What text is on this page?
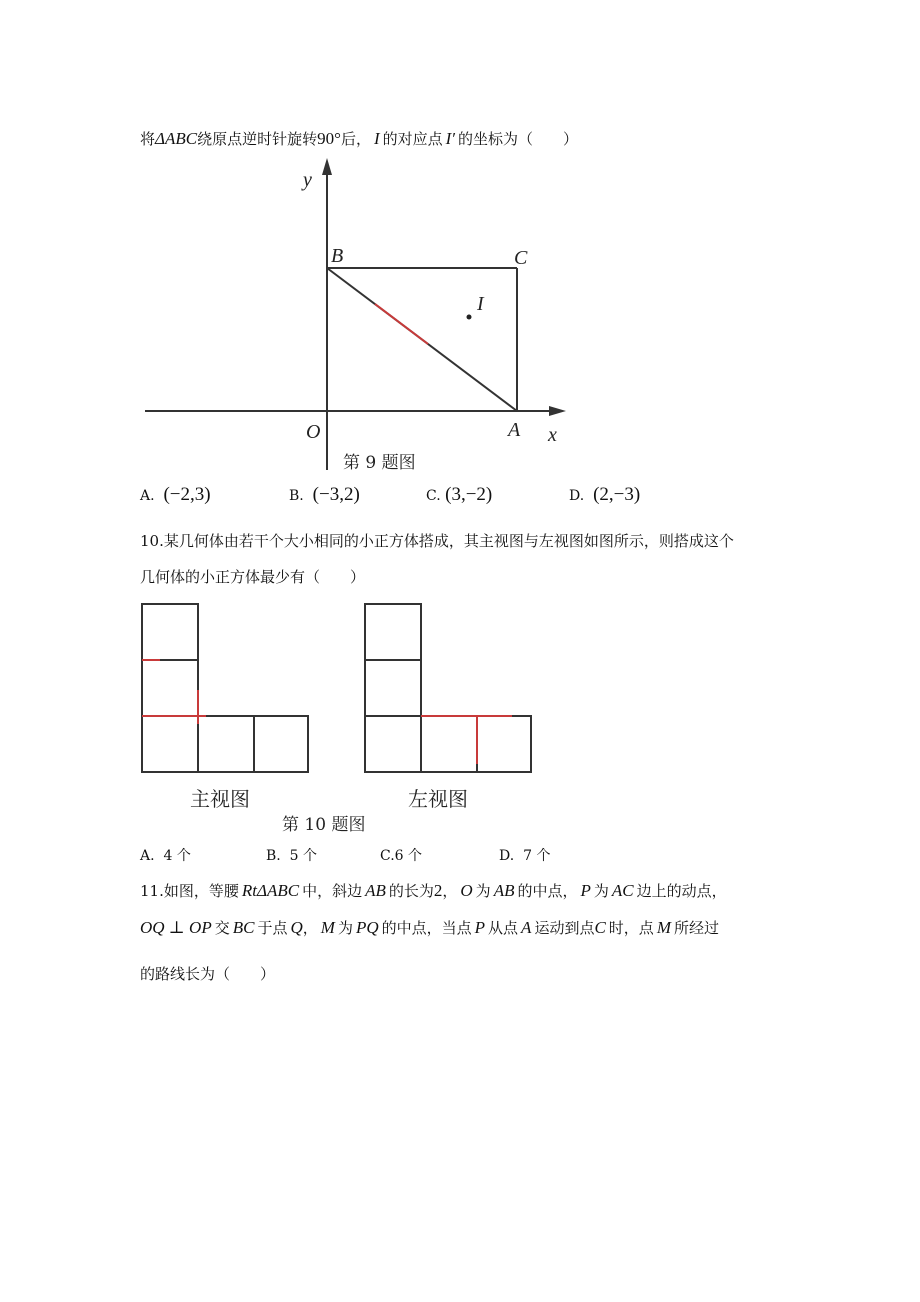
将ΔABC绕原点逆时针旋转90°后，  I  的对应点  I′  的坐标为（　　）
y
x
O	A
B	C
I
第 9 题图
A. (−2,3)	B. (−3,2)	C. (3,−2)	D. (2,−3)
10.某几何体由若干个大小相同的小正方体搭成，其主视图与左视图如图所示，则搭成这个
几何体的小正方体最少有（　　）
主视图	左视图
第 10 题图
A. 4 个	B. 5 个	C.6 个	D. 7 个
11.如图，等腰  RtΔABC  中，斜边  AB  的长为2，  O  为  AB  的中点，  P  为  AC  边上的动点，
OQ ⊥ OP  交  BC  于点  Q，  M  为  PQ  的中点，当点  P  从点  A  运动到点C  时，点  M  所经过
的路线长为（　　）
